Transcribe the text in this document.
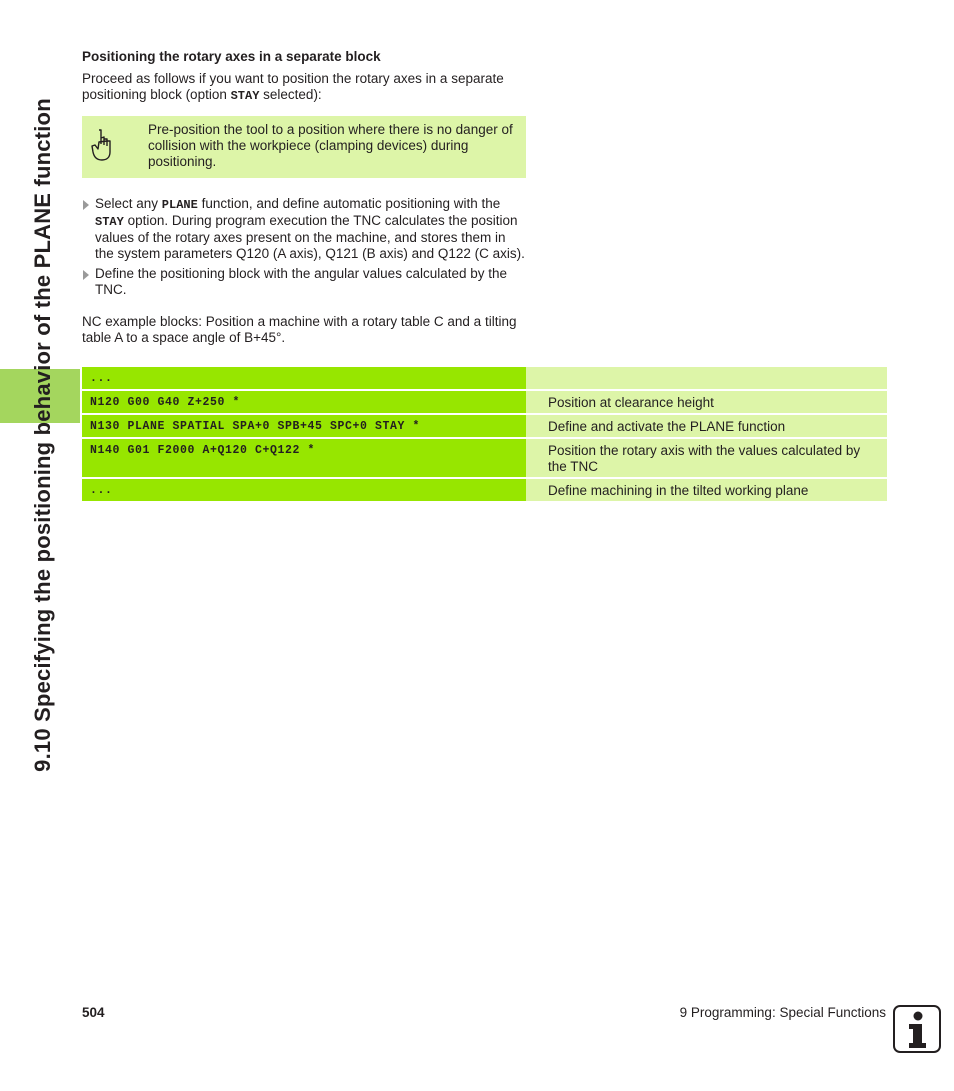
9.10 Specifying the positioning behavior of the PLANE function

Positioning the rotary axes in a separate block

Proceed as follows if you want to position the rotary axes in a separate positioning block (option STAY selected):

Pre-position the tool to a position where there is no danger of collision with the workpiece (clamping devices) during positioning.
Select any PLANE function, and define automatic positioning with the STAY option. During program execution the TNC calculates the position values of the rotary axes present on the machine, and stores them in the system parameters Q120 (A axis), Q121 (B axis) and Q122 (C axis).
Define the positioning block with the angular values calculated by the TNC.

NC example blocks: Position a machine with a rotary table C and a tilting table A to a space angle of B+45°.

...
N120 G00 G40 Z+250 *	Position at clearance height
N130 PLANE SPATIAL SPA+0 SPB+45 SPC+0 STAY *	Define and activate the PLANE function
N140 G01 F2000 A+Q120 C+Q122 *	Position the rotary axis with the values calculated by the TNC
...	Define machining in the tilted working plane
504	9 Programming: Special Functions
